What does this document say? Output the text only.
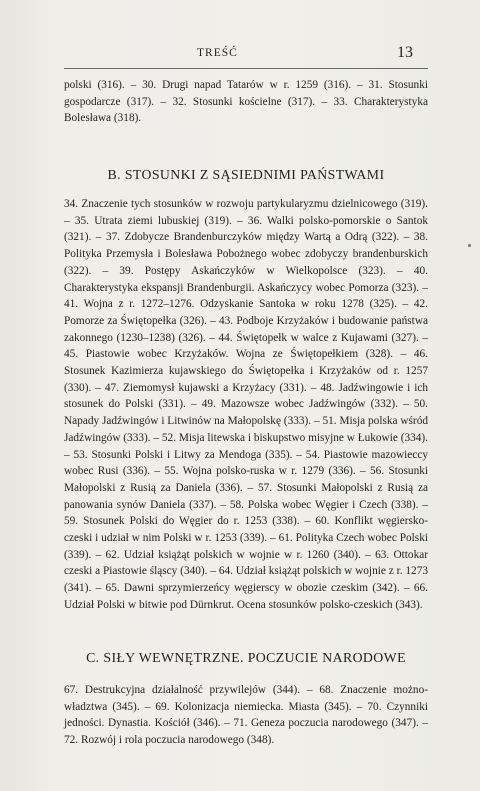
TREŚĆ	13

polski (316). – 30. Drugi napad Tatarów w r. 1259 (316). – 31. Stosunki gospodarcze (317). – 32. Stosunki kościelne (317). – 33. Charakterystyka Bolesława (318).

B. STOSUNKI Z SĄSIEDNIMI PAŃSTWAMI

34. Znaczenie tych stosunków w rozwoju partykularyzmu dzielnicowego (319). – 35. Utrata ziemi lubuskiej (319). – 36. Walki polsko-pomorskie o Santok (321). – 37. Zdobycze Brandenburczyków między Wartą a Odrą (322). – 38. Polityka Przemysła i Bolesława Pobożnego wobec zdobyczy brandenburskich (322). – 39. Postępy Askańczyków w Wielkopolsce (323). – 40. Charakterystyka ekspansji Brandenburgii. Askańczycy wobec Pomorza (323). – 41. Wojna z r. 1272–1276. Odzyskanie Santoka w roku 1278 (325). – 42. Pomorze za Świętopełka (326). – 43. Podboje Krzyżaków i budowanie państwa zakonnego (1230–1238) (326). – 44. Świętopełk w walce z Kujawami (327). – 45. Piastowie wobec Krzyżaków. Wojna ze Świętopełkiem (328). – 46. Stosunek Kazimierza kujawskiego do Świętopełka i Krzyżaków od r. 1257 (330). – 47. Ziemomysł kujawski a Krzyżacy (331). – 48. Jadźwingowie i ich stosunek do Polski (331). – 49. Mazowsze wobec Jadźwingów (332). – 50. Napady Jadźwingów i Litwinów na Małopolskę (333). – 51. Misja polska wśród Jadźwingów (333). – 52. Misja litewska i biskupstwo misyjne w Łukowie (334). – 53. Stosunki Polski i Litwy za Mendoga (335). – 54. Piastowie mazowieccy wobec Rusi (336). – 55. Wojna polsko-ruska w r. 1279 (336). – 56. Stosunki Małopolski z Rusią za Daniela (336). – 57. Stosunki Małopolski z Rusią za panowania synów Daniela (337). – 58. Polska wobec Węgier i Czech (338). – 59. Stosunek Polski do Węgier do r. 1253 (338). – 60. Konflikt węgiersko-czeski i udział w nim Polski w r. 1253 (339). – 61. Polityka Czech wobec Polski (339). – 62. Udział książąt polskich w wojnie w r. 1260 (340). – 63. Ottokar czeski a Piastowie śląscy (340). – 64. Udział książąt polskich w wojnie z r. 1273 (341). – 65. Dawni sprzymierzeńcy węgierscy w obozie czeskim (342). – 66. Udział Polski w bitwie pod Dürnkrut. Ocena stosunków polsko-czeskich (343).

C. SIŁY WEWNĘTRZNE. POCZUCIE NARODOWE

67. Destrukcyjna działalność przywilejów (344). – 68. Znaczenie możnowładztwa (345). – 69. Kolonizacja niemiecka. Miasta (345). – 70. Czynniki jedności. Dynastia. Kościół (346). – 71. Geneza poczucia narodowego (347). – 72. Rozwój i rola poczucia narodowego (348).
